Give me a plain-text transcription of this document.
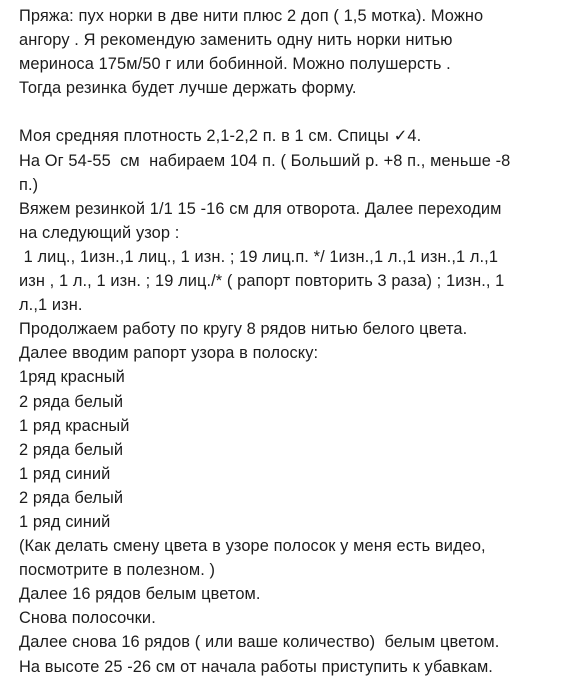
Пряжа: пух норки в две нити плюс 2 доп ( 1,5 мотка). Можно
ангору . Я рекомендую заменить одну нить норки нитью
мериноса 175м/50 г или бобинной. Можно полушерсть .
Тогда резинка будет лучше держать форму.
Моя средняя плотность 2,1-2,2 п. в 1 см. Спицы ✓4.
На Ог 54-55  см  набираем 104 п. ( Больший р. +8 п., меньше -8
п.)
Вяжем резинкой 1/1 15 -16 см для отворота. Далее переходим
на следующий узор :
1 лиц., 1изн.,1 лиц., 1 изн. ; 19 лиц.п. */ 1изн.,1 л.,1 изн.,1 л.,1
изн , 1 л., 1 изн. ; 19 лиц./* ( рапорт повторить 3 раза) ; 1изн., 1
л.,1 изн.
Продолжаем работу по кругу 8 рядов нитью белого цвета.
Далее вводим рапорт узора в полоску:
1ряд красный
2 ряда белый
1 ряд красный
2 ряда белый
1 ряд синий
2 ряда белый
1 ряд синий
(Как делать смену цвета в узоре полосок у меня есть видео,
посмотрите в полезном. )
Далее 16 рядов белым цветом.
Снова полосочки.
Далее снова 16 рядов ( или ваше количество)  белым цветом.
На высоте 25 -26 см от начала работы приступить к убавкам.
